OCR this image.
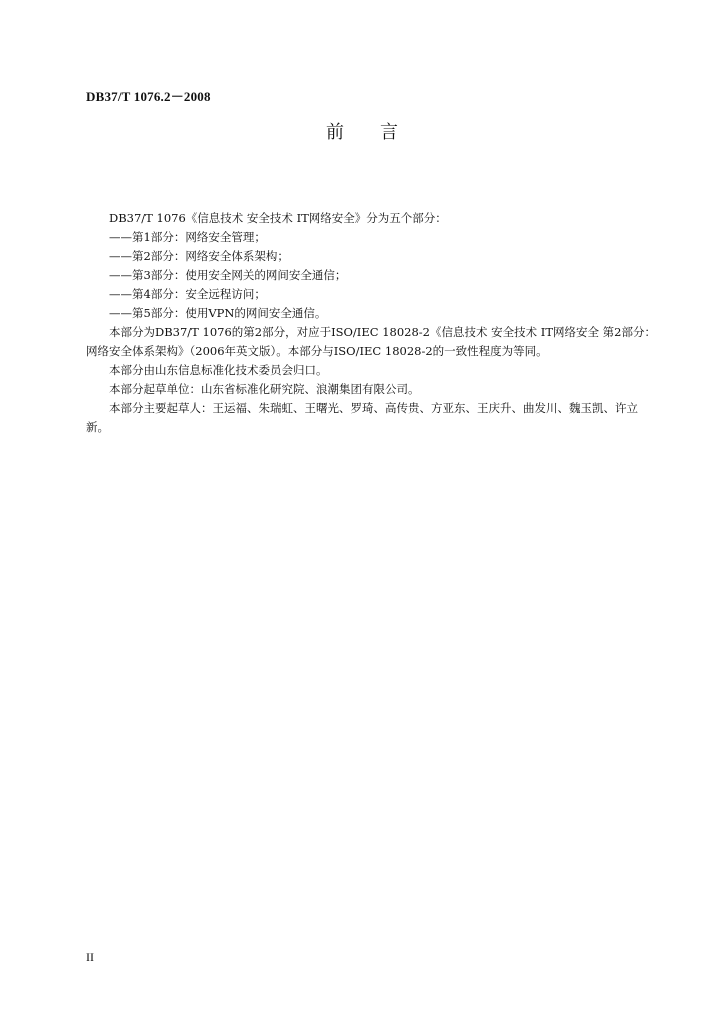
DB37/T 1076.2－2008
前 言

DB37/T 1076《信息技术 安全技术 IT网络安全》分为五个部分：

——第1部分：网络安全管理；

——第2部分：网络安全体系架构；

——第3部分：使用安全网关的网间安全通信；

——第4部分：安全远程访问；

——第5部分：使用VPN的网间安全通信。

本部分为DB37/T 1076的第2部分，对应于ISO/IEC 18028-2《信息技术 安全技术 IT网络安全 第2部分：网络安全体系架构》（2006年英文版）。本部分与ISO/IEC 18028-2的一致性程度为等同。

本部分由山东信息标准化技术委员会归口。

本部分起草单位：山东省标准化研究院、浪潮集团有限公司。

本部分主要起草人：王运福、朱瑞虹、王曙光、罗琦、高传贵、方亚东、王庆升、曲发川、魏玉凯、许立新。

II
